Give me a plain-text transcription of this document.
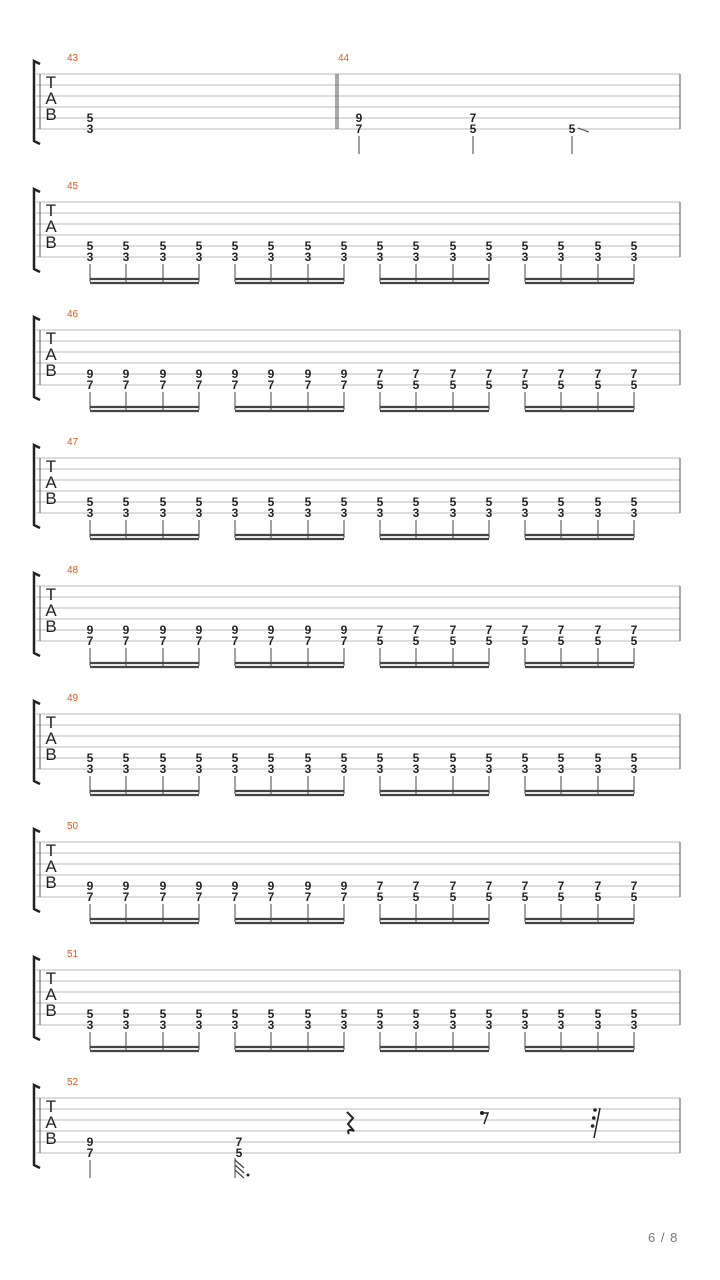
T
A
B
43	44
5
3
9
7
7
5	5
T
A
B
45
5
3
5
3
5
3
5
3
5
3
5
3
5
3
5
3
5
3
5
3
5
3
5
3
5
3
5
3
5
3
5
3
T
A
B
46
9
7
9
7
9
7
9
7
9
7
9
7
9
7
9
7
7
5
7
5
7
5
7
5
7
5
7
5
7
5
7
5
T
A
B
47
5
3
5
3
5
3
5
3
5
3
5
3
5
3
5
3
5
3
5
3
5
3
5
3
5
3
5
3
5
3
5
3
T
A
B
48
9
7
9
7
9
7
9
7
9
7
9
7
9
7
9
7
7
5
7
5
7
5
7
5
7
5
7
5
7
5
7
5
T
A
B
49
5
3
5
3
5
3
5
3
5
3
5
3
5
3
5
3
5
3
5
3
5
3
5
3
5
3
5
3
5
3
5
3
T
A
B
50
9
7
9
7
9
7
9
7
9
7
9
7
9
7
9
7
7
5
7
5
7
5
7
5
7
5
7
5
7
5
7
5
T
A
B
51
5
3
5
3
5
3
5
3
5
3
5
3
5
3
5
3
5
3
5
3
5
3
5
3
5
3
5
3
5
3
5
3
T
A
B
52
9
7
7
5
6 / 8
